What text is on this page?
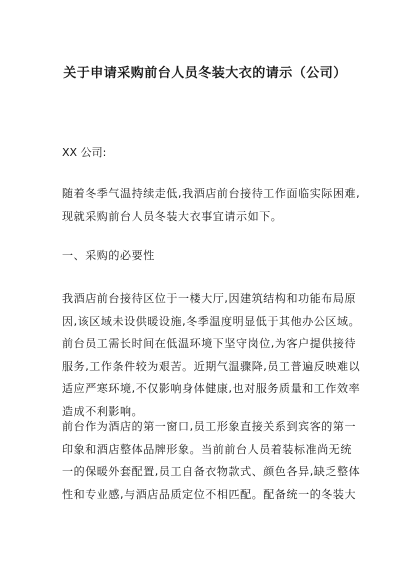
关于申请采购前台人员冬装大衣的请示（公司）
XX 公司:
随着冬季气温持续走低,我酒店前台接待工作面临实际困难,
现就采购前台人员冬装大衣事宜请示如下。
一、采购的必要性
我酒店前台接待区位于一楼大厅,因建筑结构和功能布局原
因,该区域未设供暖设施,冬季温度明显低于其他办公区域。
前台员工需长时间在低温环境下坚守岗位,为客户提供接待
服务,工作条件较为艰苦。近期气温骤降,员工普遍反映难以
适应严寒环境,不仅影响身体健康,也对服务质量和工作效率
造成不利影响。
前台作为酒店的第一窗口,员工形象直接关系到宾客的第一
印象和酒店整体品牌形象。当前前台人员着装标准尚无统
一的保暖外套配置,员工自备衣物款式、颜色各异,缺乏整体
性和专业感,与酒店品质定位不相匹配。配备统一的冬装大
